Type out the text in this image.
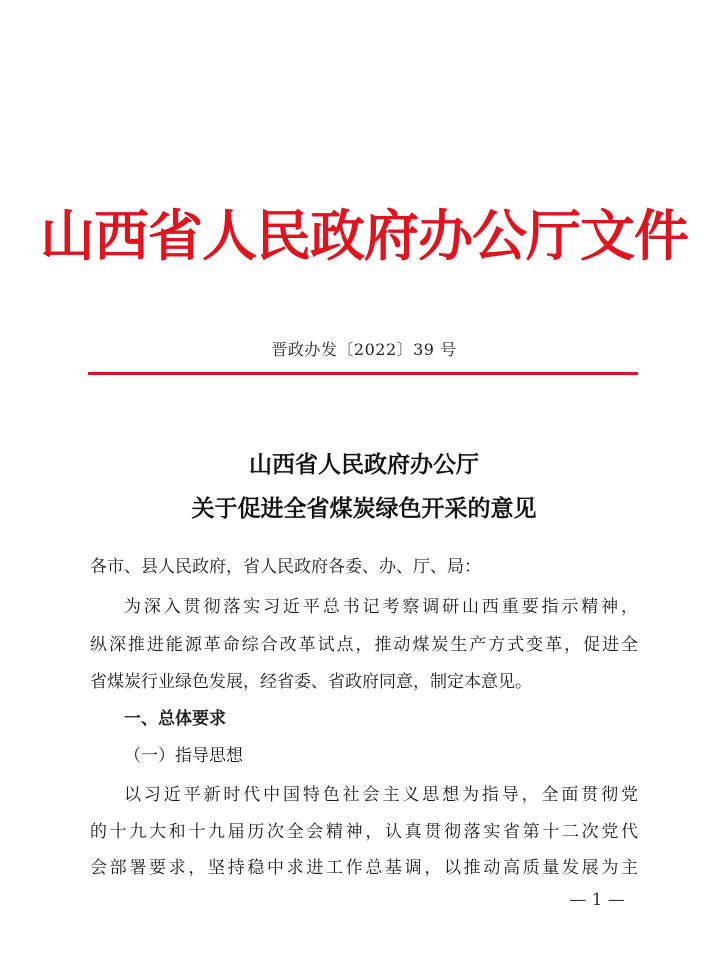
山西省人民政府办公厅文件
晋政办发〔2022〕39 号
山西省人民政府办公厅
关于促进全省煤炭绿色开采的意见
各市、县人民政府，省人民政府各委、办、厅、局：
为深入贯彻落实习近平总书记考察调研山西重要指示精神，
纵深推进能源革命综合改革试点，推动煤炭生产方式变革，促进全
省煤炭行业绿色发展，经省委、省政府同意，制定本意见。
一、总体要求
（一）指导思想
以习近平新时代中国特色社会主义思想为指导，全面贯彻党
的十九大和十九届历次全会精神，认真贯彻落实省第十二次党代
会部署要求，坚持稳中求进工作总基调，以推动高质量发展为主
— 1 —
